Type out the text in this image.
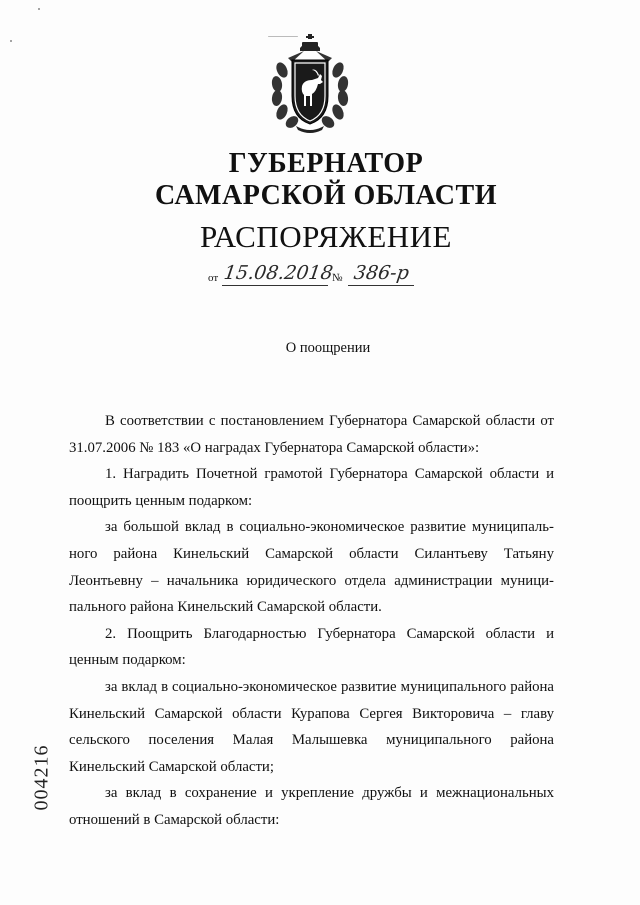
ГУБЕРНАТОР
САМАРСКОЙ ОБЛАСТИ
РАСПОРЯЖЕНИЕ
от 15.08.2018
№ 386-р
О поощрении

В соответствии с постановлением Губернатора Самарской области от 31.07.2006 № 183 «О наградах Губернатора Самарской области»:

1. Наградить Почетной грамотой Губернатора Самарской области и поощрить ценным подарком:

за большой вклад в социально-экономическое развитие муниципаль-ного района Кинельский Самарской области Силантьеву Татьяну Леонтьевну – начальника юридического отдела администрации муници-пального района Кинельский Самарской области.

2. Поощрить Благодарностью Губернатора Самарской области и ценным подарком:

за вклад в социально-экономическое развитие муниципального района Кинельский Самарской области Курапова Сергея Викторовича – главу сельского поселения Малая Малышевка муниципального района Кинельский Самарской области;

за вклад в сохранение и укрепление дружбы и межнациональных отношений в Самарской области:

004216
